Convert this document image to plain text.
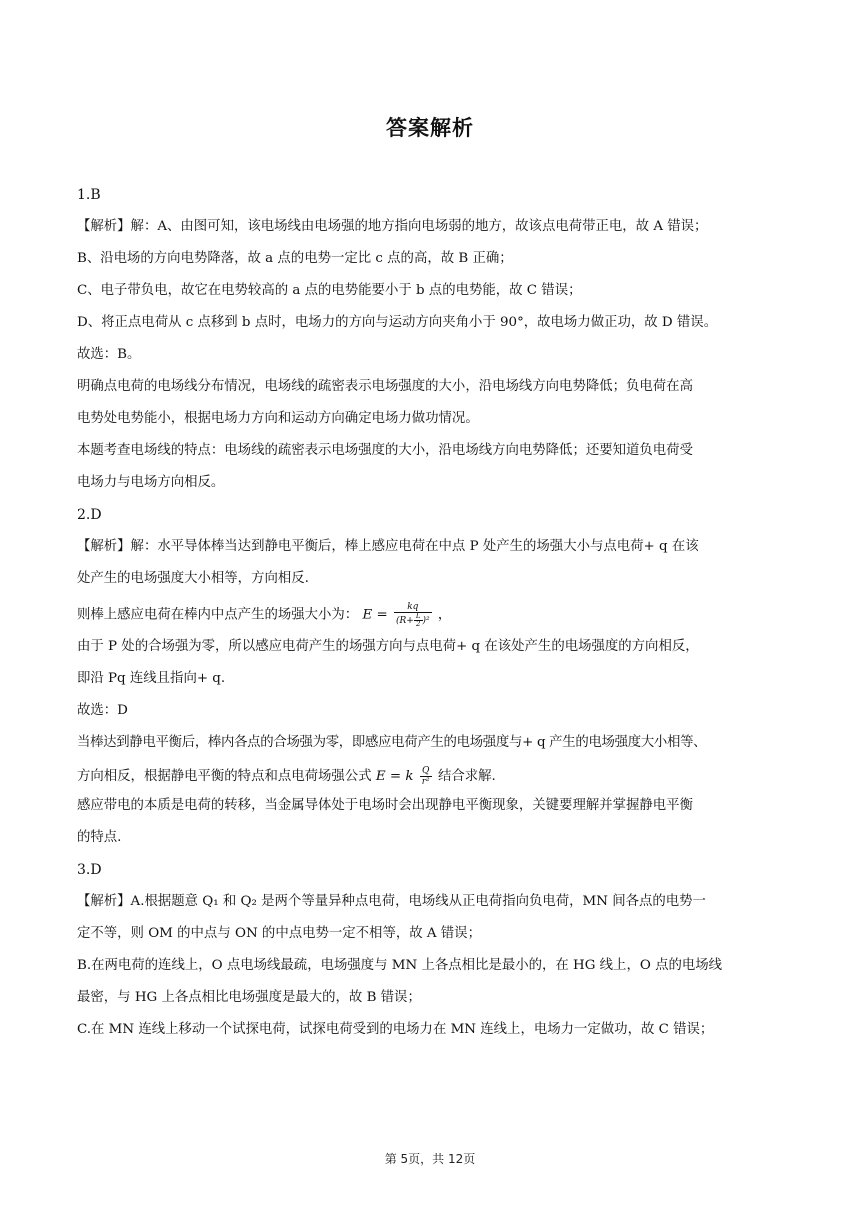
答案解析
1.B
【解析】解：A、由图可知，该电场线由电场强的地方指向电场弱的地方，故该点电荷带正电，故 A 错误；
B、沿电场的方向电势降落，故 a 点的电势一定比 c 点的高，故 B 正确；
C、电子带负电，故它在电势较高的 a 点的电势能要小于 b 点的电势能，故 C 错误；
D、将正点电荷从 c 点移到 b 点时，电场力的方向与运动方向夹角小于 90°，故电场力做正功，故 D 错误。
故选：B。
明确点电荷的电场线分布情况，电场线的疏密表示电场强度的大小，沿电场线方向电势降低；负电荷在高
电势处电势能小，根据电场力方向和运动方向确定电场力做功情况。
本题考查电场线的特点：电场线的疏密表示电场强度的大小，沿电场线方向电势降低；还要知道负电荷受
电场力与电场方向相反。
2.D
【解析】解：水平导体棒当达到静电平衡后，棒上感应电荷在中点 P 处产生的场强大小与点电荷+ q 在该
处产生的电场强度大小相等，方向相反.
则棒上感应电荷在棒内中点产生的场强大小为： $E = \frac{kq}{(R+ \frac{L}{2} )^2}$ ，
由于 P 处的合场强为零，所以感应电荷产生的场强方向与点电荷+ q 在该处产生的电场强度的方向相反，
即沿 Pq 连线且指向+ q.
故选：D
当棒达到静电平衡后，棒内各点的合场强为零，即感应电荷产生的电场强度与+ q 产生的电场强度大小相等、
方向相反，根据静电平衡的特点和点电荷场强公式 E = k $\frac{Q}{\text{r²}}$ 结合求解.
感应带电的本质是电荷的转移，当金属导体处于电场时会出现静电平衡现象，关键要理解并掌握静电平衡
的特点.
3.D
【解析】A.根据题意 Q₁ 和 Q₂ 是两个等量异种点电荷，电场线从正电荷指向负电荷，MN 间各点的电势一
定不等，则 OM 的中点与 ON 的中点电势一定不相等，故 A 错误；
B.在两电荷的连线上，O 点电场线最疏，电场强度与 MN 上各点相比是最小的，在 HG 线上，O 点的电场线
最密，与 HG 上各点相比电场强度是最大的，故 B 错误；
C.在 MN 连线上移动一个试探电荷，试探电荷受到的电场力在 MN 连线上，电场力一定做功，故 C 错误；
第 5页，共 12页
